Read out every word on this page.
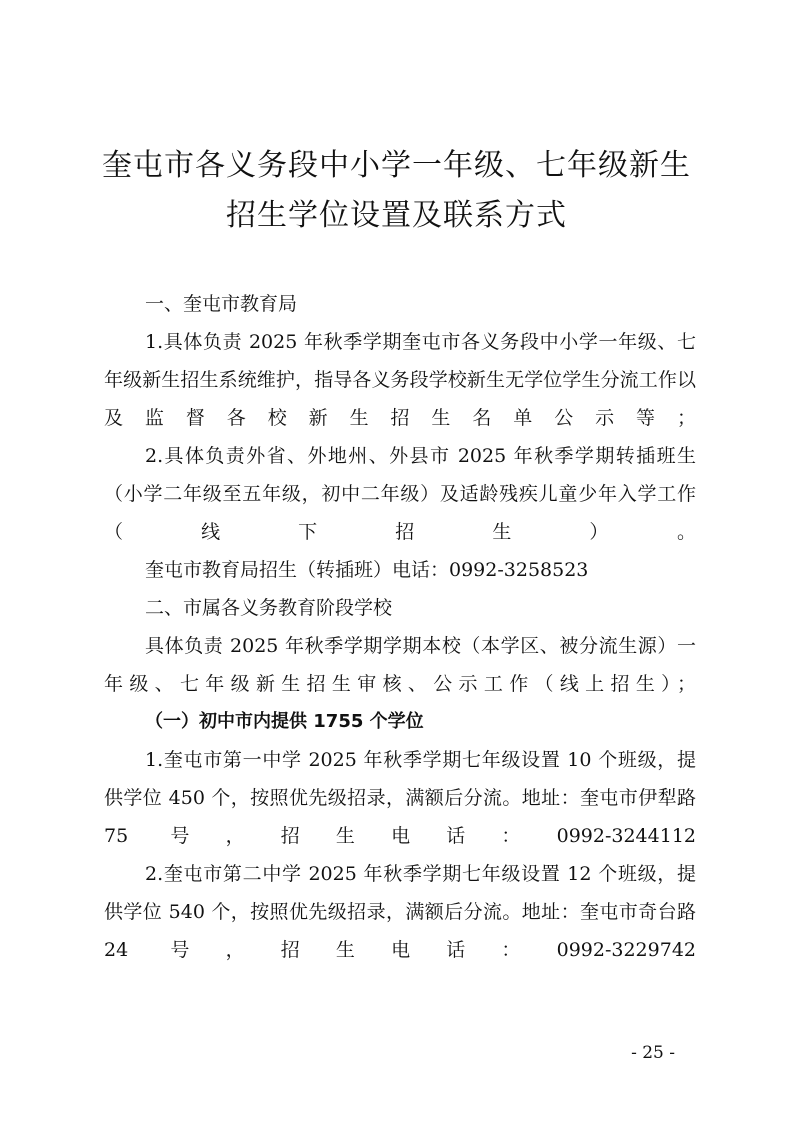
奎屯市各义务段中小学一年级、七年级新生
招生学位设置及联系方式

一、奎屯市教育局

1.具体负责 2025 年秋季学期奎屯市各义务段中小学一年级、七年级新生招生系统维护，指导各义务段学校新生无学位学生分流工作以及监督各校新生招生名单公示等；

2.具体负责外省、外地州、外县市 2025 年秋季学期转插班生（小学二年级至五年级，初中二年级）及适龄残疾儿童少年入学工作（线下招生）。

奎屯市教育局招生（转插班）电话：0992-3258523

二、市属各义务教育阶段学校

具体负责 2025 年秋季学期学期本校（本学区、被分流生源）一年级、七年级新生招生审核、公示工作（线上招生）；

（一）初中市内提供 1755 个学位

1.奎屯市第一中学 2025 年秋季学期七年级设置 10 个班级，提供学位 450 个，按照优先级招录，满额后分流。地址：奎屯市伊犁路 75 号，招生电话：0992-3244112

2.奎屯市第二中学 2025 年秋季学期七年级设置 12 个班级，提供学位 540 个，按照优先级招录，满额后分流。地址：奎屯市奇台路 24 号，招生电话：0992-3229742

- 25 -
